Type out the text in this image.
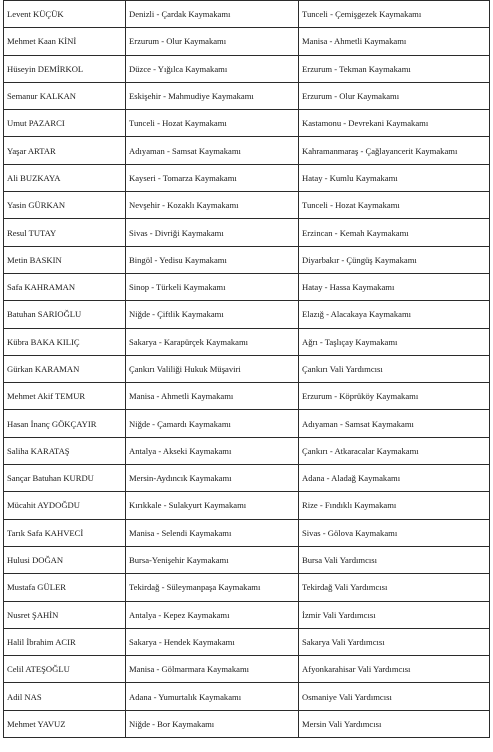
Levent KÜÇÜK	Denizli - Çardak Kaymakamı	Tunceli - Çemişgezek Kaymakamı
Mehmet Kaan KİNİ	Erzurum - Olur Kaymakamı	Manisa - Ahmetli Kaymakamı
Hüseyin DEMİRKOL	Düzce - Yığılca Kaymakamı	Erzurum - Tekman Kaymakamı
Semanur KALKAN	Eskişehir - Mahmudiye Kaymakamı	Erzurum - Olur Kaymakamı
Umut PAZARCI	Tunceli - Hozat Kaymakamı	Kastamonu - Devrekani Kaymakamı
Yaşar ARTAR	Adıyaman - Samsat Kaymakamı	Kahramanmaraş - Çağlayancerit Kaymakamı
Ali BUZKAYA	Kayseri - Tomarza Kaymakamı	Hatay - Kumlu Kaymakamı
Yasin GÜRKAN	Nevşehir - Kozaklı Kaymakamı	Tunceli - Hozat Kaymakamı
Resul TUTAY	Sivas - Divriği Kaymakamı	Erzincan - Kemah Kaymakamı
Metin BASKIN	Bingöl - Yedisu Kaymakamı	Diyarbakır - Çüngüş Kaymakamı
Safa KAHRAMAN	Sinop - Türkeli Kaymakamı	Hatay - Hassa Kaymakamı
Batuhan SARIOĞLU	Niğde - Çiftlik Kaymakamı	Elazığ - Alacakaya Kaymakamı
Kübra BAKA KILIÇ	Sakarya - Karapürçek Kaymakamı	Ağrı - Taşlıçay Kaymakamı
Gürkan KARAMAN	Çankırı Valiliği Hukuk Müşaviri	Çankırı Vali Yardımcısı
Mehmet Akif TEMUR	Manisa - Ahmetli Kaymakamı	Erzurum - Köprüköy Kaymakamı
Hasan İnanç GÖKÇAYIR	Niğde - Çamardı Kaymakamı	Adıyaman - Samsat Kaymakamı
Saliha KARATAŞ	Antalya - Akseki Kaymakamı	Çankırı - Atkaracalar Kaymakamı
Sançar Batuhan KURDU	Mersin-Aydıncık Kaymakamı	Adana - Aladağ Kaymakamı
Mücahit AYDOĞDU	Kırıkkale - Sulakyurt Kaymakamı	Rize - Fındıklı Kaymakamı
Tarık Safa KAHVECİ	Manisa - Selendi Kaymakamı	Sivas - Gölova Kaymakamı
Hulusi DOĞAN	Bursa-Yenişehir Kaymakamı	Bursa Vali Yardımcısı
Mustafa GÜLER	Tekirdağ - Süleymanpaşa Kaymakamı	Tekirdağ Vali Yardımcısı
Nusret ŞAHİN	Antalya - Kepez Kaymakamı	İzmir Vali Yardımcısı
Halil İbrahim ACIR	Sakarya - Hendek Kaymakamı	Sakarya Vali Yardımcısı
Celil ATEŞOĞLU	Manisa - Gölmarmara Kaymakamı	Afyonkarahisar Vali Yardımcısı
Adil NAS	Adana - Yumurtalık Kaymakamı	Osmaniye Vali Yardımcısı
Mehmet YAVUZ	Niğde - Bor Kaymakamı	Mersin Vali Yardımcısı
